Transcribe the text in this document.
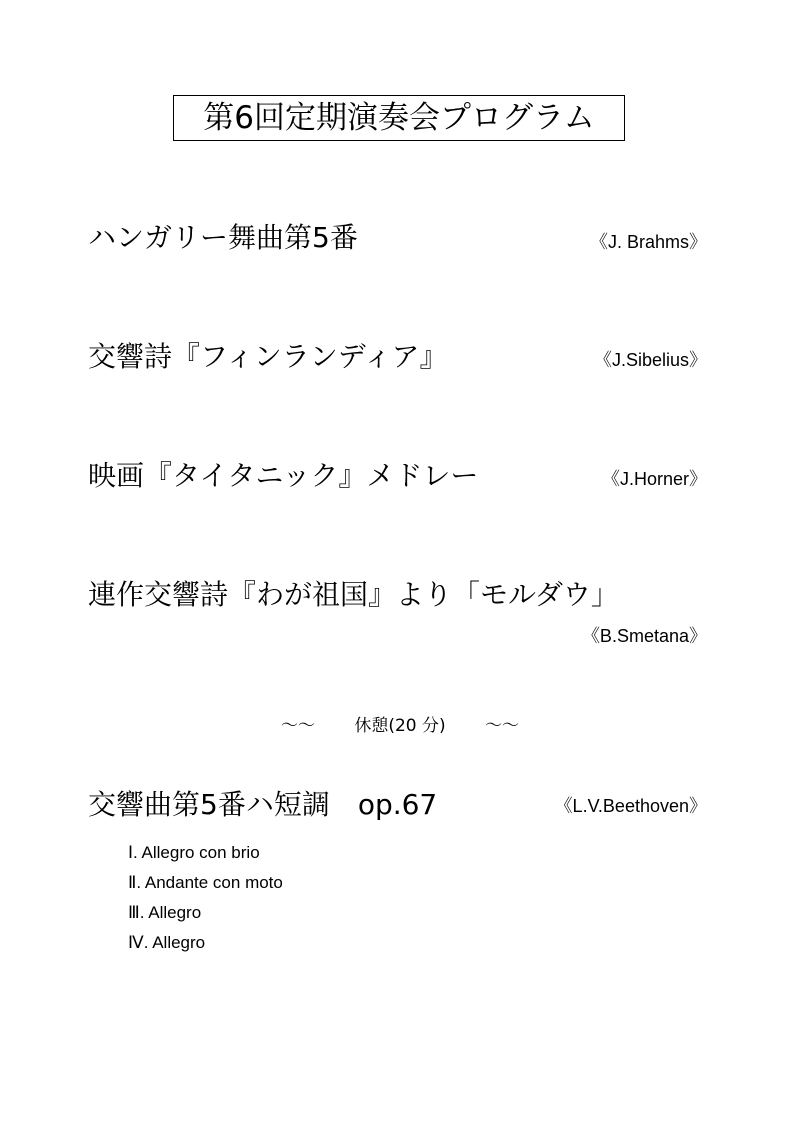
第6回定期演奏会プログラム
ハンガリー舞曲第5番	《J. Brahms》
交響詩『フィンランディア』	《J.Sibelius》
映画『タイタニック』メドレー	《J.Horner》
連作交響詩『わが祖国』より「モルダウ」
《B.Smetana》
～～ 休憩(20 分) ～～
交響曲第5番ハ短調　op.67	《L.V.Beethoven》
Ⅰ. Allegro con brio
Ⅱ. Andante con moto
Ⅲ. Allegro
Ⅳ. Allegro
